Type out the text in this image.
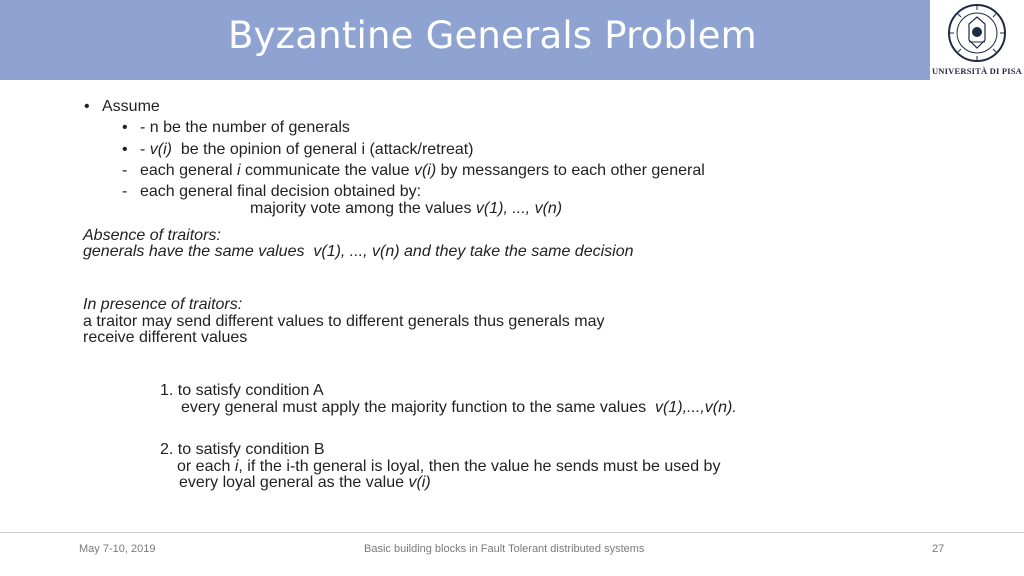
Byzantine Generals Problem
UNIVERSITÀ DI PISA
• Assume
• - n be the number of generals
• - v(i)  be the opinion of general i (attack/retreat)
- each general i communicate the value v(i) by messangers to each other general
- each general final decision obtained by:
majority vote among the values v(1), ..., v(n)
Absence of traitors:
generals have the same values  v(1), ..., v(n) and they take the same decision
In presence of traitors:
a traitor may send different values to different generals thus generals may
receive different values
1. to satisfy condition A
every general must apply the majority function to the same values  v(1),...,v(n).
2. to satisfy condition B
or each i, if the i-th general is loyal, then the value he sends must be used by
every loyal general as the value v(i)
May 7-10, 2019	Basic building blocks in Fault Tolerant distributed systems	27
